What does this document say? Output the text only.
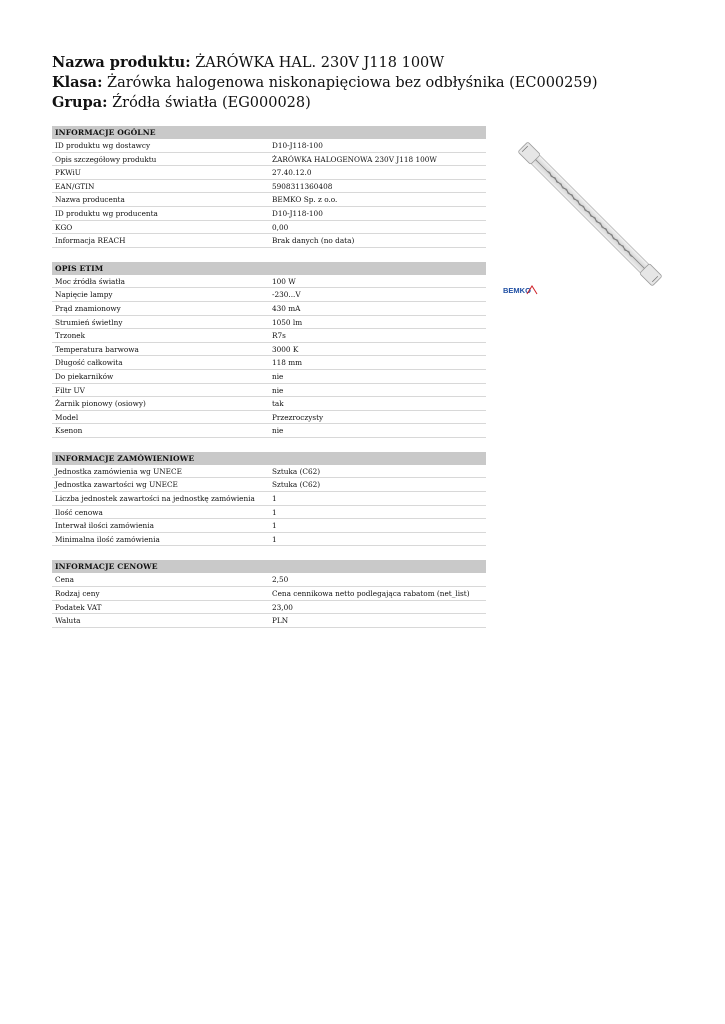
Nazwa produktu: ŻARÓWKA HAL. 230V J118 100W
Klasa: Żarówka halogenowa niskonapięciowa bez odbłyśnika (EC000259)
Grupa: Źródła światła (EG000028)
INFORMACJE OGÓLNE
ID produktu wg dostawcy	D10-J118-100
Opis szczegółowy produktu	ŻARÓWKA HALOGENOWA 230V J118 100W
PKWiU	27.40.12.0
EAN/GTIN	5908311360408
Nazwa producenta	BEMKO Sp. z o.o.
ID produktu wg producenta	D10-J118-100
KGO	0,00
Informacja REACH	Brak danych (no data)
OPIS ETIM
Moc źródła światła	100 W
Napięcie lampy	-230...V
Prąd znamionowy	430 mA
Strumień świetlny	1050 lm
Trzonek	R7s
Temperatura barwowa	3000 K
Długość całkowita	118 mm
Do piekarników	nie
Filtr UV	nie
Żarnik pionowy (osiowy)	tak
Model	Przezroczysty
Ksenon	nie
INFORMACJE ZAMÓWIENIOWE
Jednostka zamówienia wg UNECE	Sztuka (C62)
Jednostka zawartości wg UNECE	Sztuka (C62)
Liczba jednostek zawartości na jednostkę zamówienia	1
Ilość cenowa	1
Interwał ilości zamówienia	1
Minimalna ilość zamówienia	1
INFORMACJE CENOWE
Cena	2,50
Rodzaj ceny	Cena cennikowa netto podlegająca rabatom (net_list)
Podatek VAT	23,00
Waluta	PLN
BEMKO
